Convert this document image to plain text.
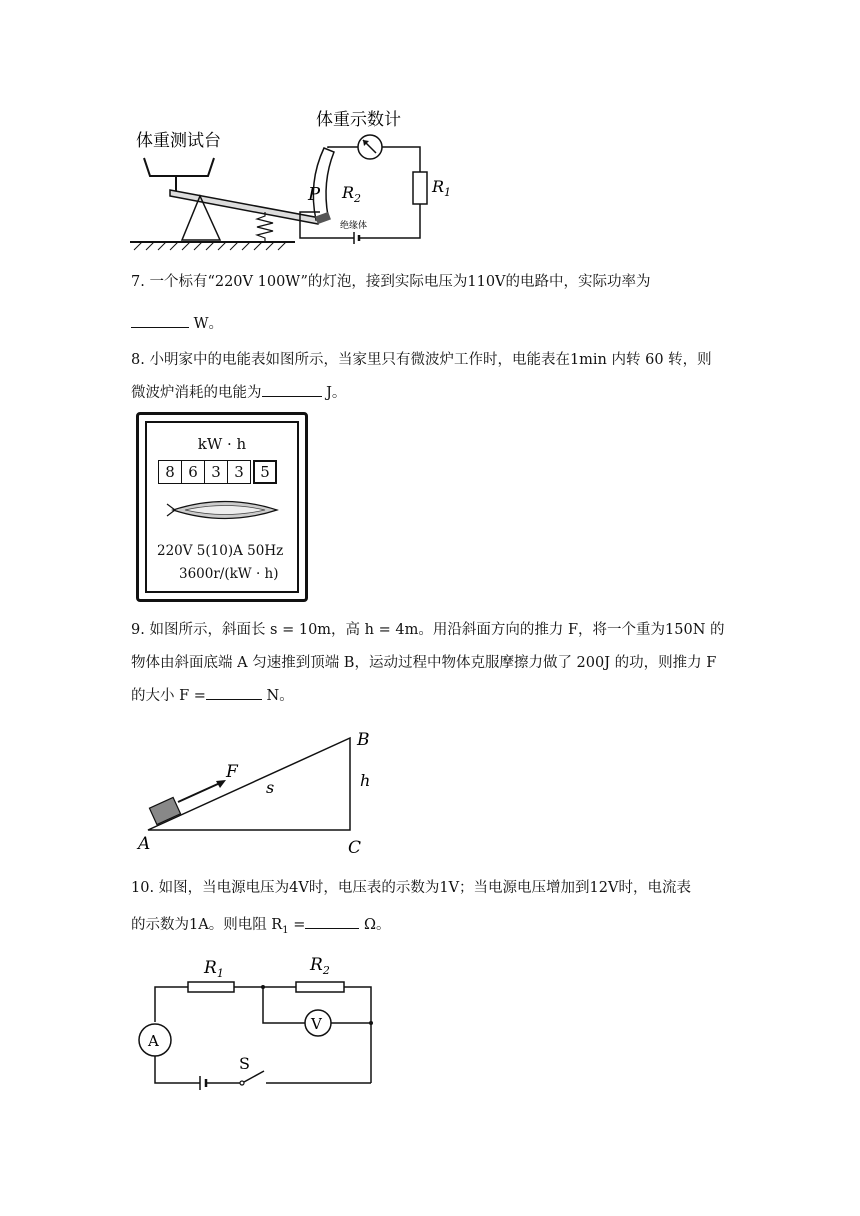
体重测试台
体重示数计
P $R_2$
绝缘体
$R_1$
7. 一个标有“220V 100W”的灯泡，接到实际电压为110V的电路中，实际功率为
W。
8. 小明家中的电能表如图所示，当家里只有微波炉工作时，电能表在1min 内转 60 转，则
微波炉消耗的电能为	J。
kW · h
8 6 3 3	5
220V 5(10)A 50Hz
3600r/(kW · h)
9. 如图所示，斜面长 s = 10m，高 h = 4m。用沿斜面方向的推力 F，将一个重为150N 的
物体由斜面底端 A 匀速推到顶端 B，运动过程中物体克服摩擦力做了 200J 的功，则推力 F
的大小 F =	N。
F
s
B
h
A	C
10. 如图，当电源电压为4V时，电压表的示数为1V；当电源电压增加到12V时，电流表
的示数为1A。则电阻 $R_1$ =	Ω。
$R_1$	$R_2$
V
A
S
